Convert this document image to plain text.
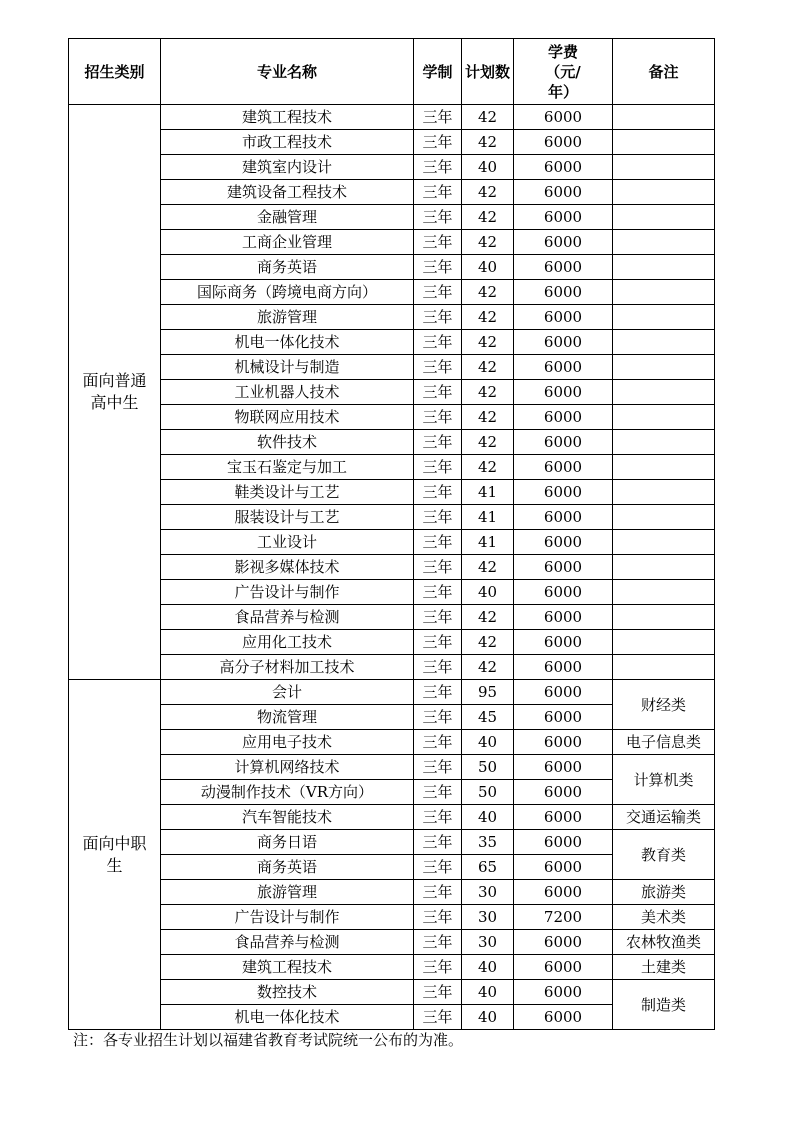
招生类别	专业名称	学制	计划数	学费（元/年）	备注
面向普通高中生	建筑工程技术	三年	42	6000	
	市政工程技术	三年	42	6000	
	建筑室内设计	三年	40	6000	
	建筑设备工程技术	三年	42	6000	
	金融管理	三年	42	6000	
	工商企业管理	三年	42	6000	
	商务英语	三年	40	6000	
	国际商务（跨境电商方向）	三年	42	6000	
	旅游管理	三年	42	6000	
	机电一体化技术	三年	42	6000	
	机械设计与制造	三年	42	6000	
	工业机器人技术	三年	42	6000	
	物联网应用技术	三年	42	6000	
	软件技术	三年	42	6000	
	宝玉石鉴定与加工	三年	42	6000	
	鞋类设计与工艺	三年	41	6000	
	服装设计与工艺	三年	41	6000	
	工业设计	三年	41	6000	
	影视多媒体技术	三年	42	6000	
	广告设计与制作	三年	40	6000	
	食品营养与检测	三年	42	6000	
	应用化工技术	三年	42	6000	
	高分子材料加工技术	三年	42	6000	
面向中职生	会计	三年	95	6000	财经类
	物流管理	三年	45	6000	
	应用电子技术	三年	40	6000	电子信息类
	计算机网络技术	三年	50	6000	计算机类
	动漫制作技术（VR方向）	三年	50	6000	
	汽车智能技术	三年	40	6000	交通运输类
	商务日语	三年	35	6000	教育类
	商务英语	三年	65	6000	
	旅游管理	三年	30	6000	旅游类
	广告设计与制作	三年	30	7200	美术类
	食品营养与检测	三年	30	6000	农林牧渔类
	建筑工程技术	三年	40	6000	土建类
	数控技术	三年	40	6000	制造类
	机电一体化技术	三年	40	6000	
注：各专业招生计划以福建省教育考试院统一公布的为准。
